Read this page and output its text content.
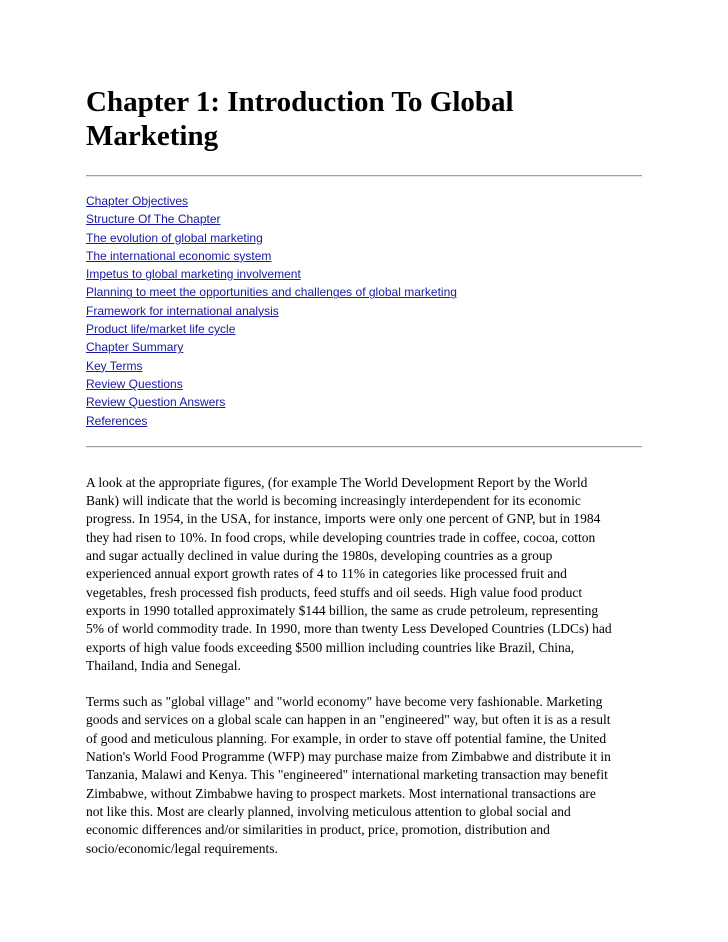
Chapter 1: Introduction To Global
Marketing
Chapter Objectives
Structure Of The Chapter
The evolution of global marketing
The international economic system
Impetus to global marketing involvement
Planning to meet the opportunities and challenges of global marketing
Framework for international analysis
Product life/market life cycle
Chapter Summary
Key Terms
Review Questions
Review Question Answers
References

A look at the appropriate figures, (for example The World Development Report by the World
Bank) will indicate that the world is becoming increasingly interdependent for its economic
progress. In 1954, in the USA, for instance, imports were only one percent of GNP, but in 1984
they had risen to 10%. In food crops, while developing countries trade in coffee, cocoa, cotton
and sugar actually declined in value during the 1980s, developing countries as a group
experienced annual export growth rates of 4 to 11% in categories like processed fruit and
vegetables, fresh processed fish products, feed stuffs and oil seeds. High value food product
exports in 1990 totalled approximately $144 billion, the same as crude petroleum, representing
5% of world commodity trade. In 1990, more than twenty Less Developed Countries (LDCs) had
exports of high value foods exceeding $500 million including countries like Brazil, China,
Thailand, India and Senegal.

Terms such as "global village" and "world economy" have become very fashionable. Marketing
goods and services on a global scale can happen in an "engineered" way, but often it is as a result
of good and meticulous planning. For example, in order to stave off potential famine, the United
Nation's World Food Programme (WFP) may purchase maize from Zimbabwe and distribute it in
Tanzania, Malawi and Kenya. This "engineered" international marketing transaction may benefit
Zimbabwe, without Zimbabwe having to prospect markets. Most international transactions are
not like this. Most are clearly planned, involving meticulous attention to global social and
economic differences and/or similarities in product, price, promotion, distribution and
socio/economic/legal requirements.
